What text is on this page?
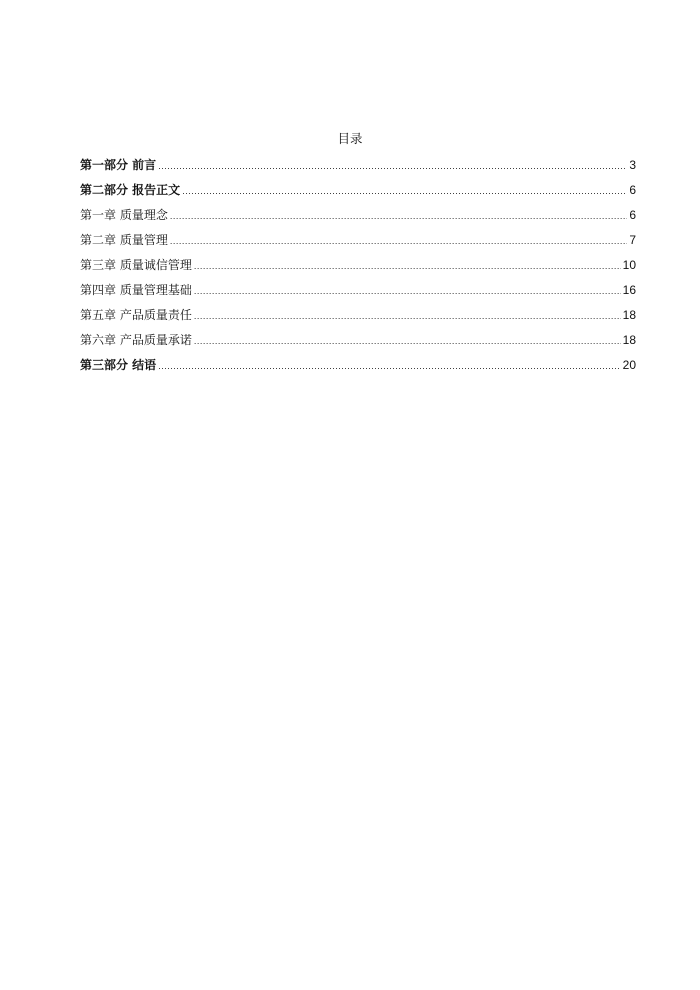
目录
第一部分 前言 .....	3
第二部分 报告正文 .....	6
第一章 质量理念 .....	6
第二章 质量管理 .....	7
第三章 质量诚信管理 .....	10
第四章 质量管理基础 .....	16
第五章 产品质量责任 .....	18
第六章 产品质量承诺 .....	18
第三部分 结语 .....	20
